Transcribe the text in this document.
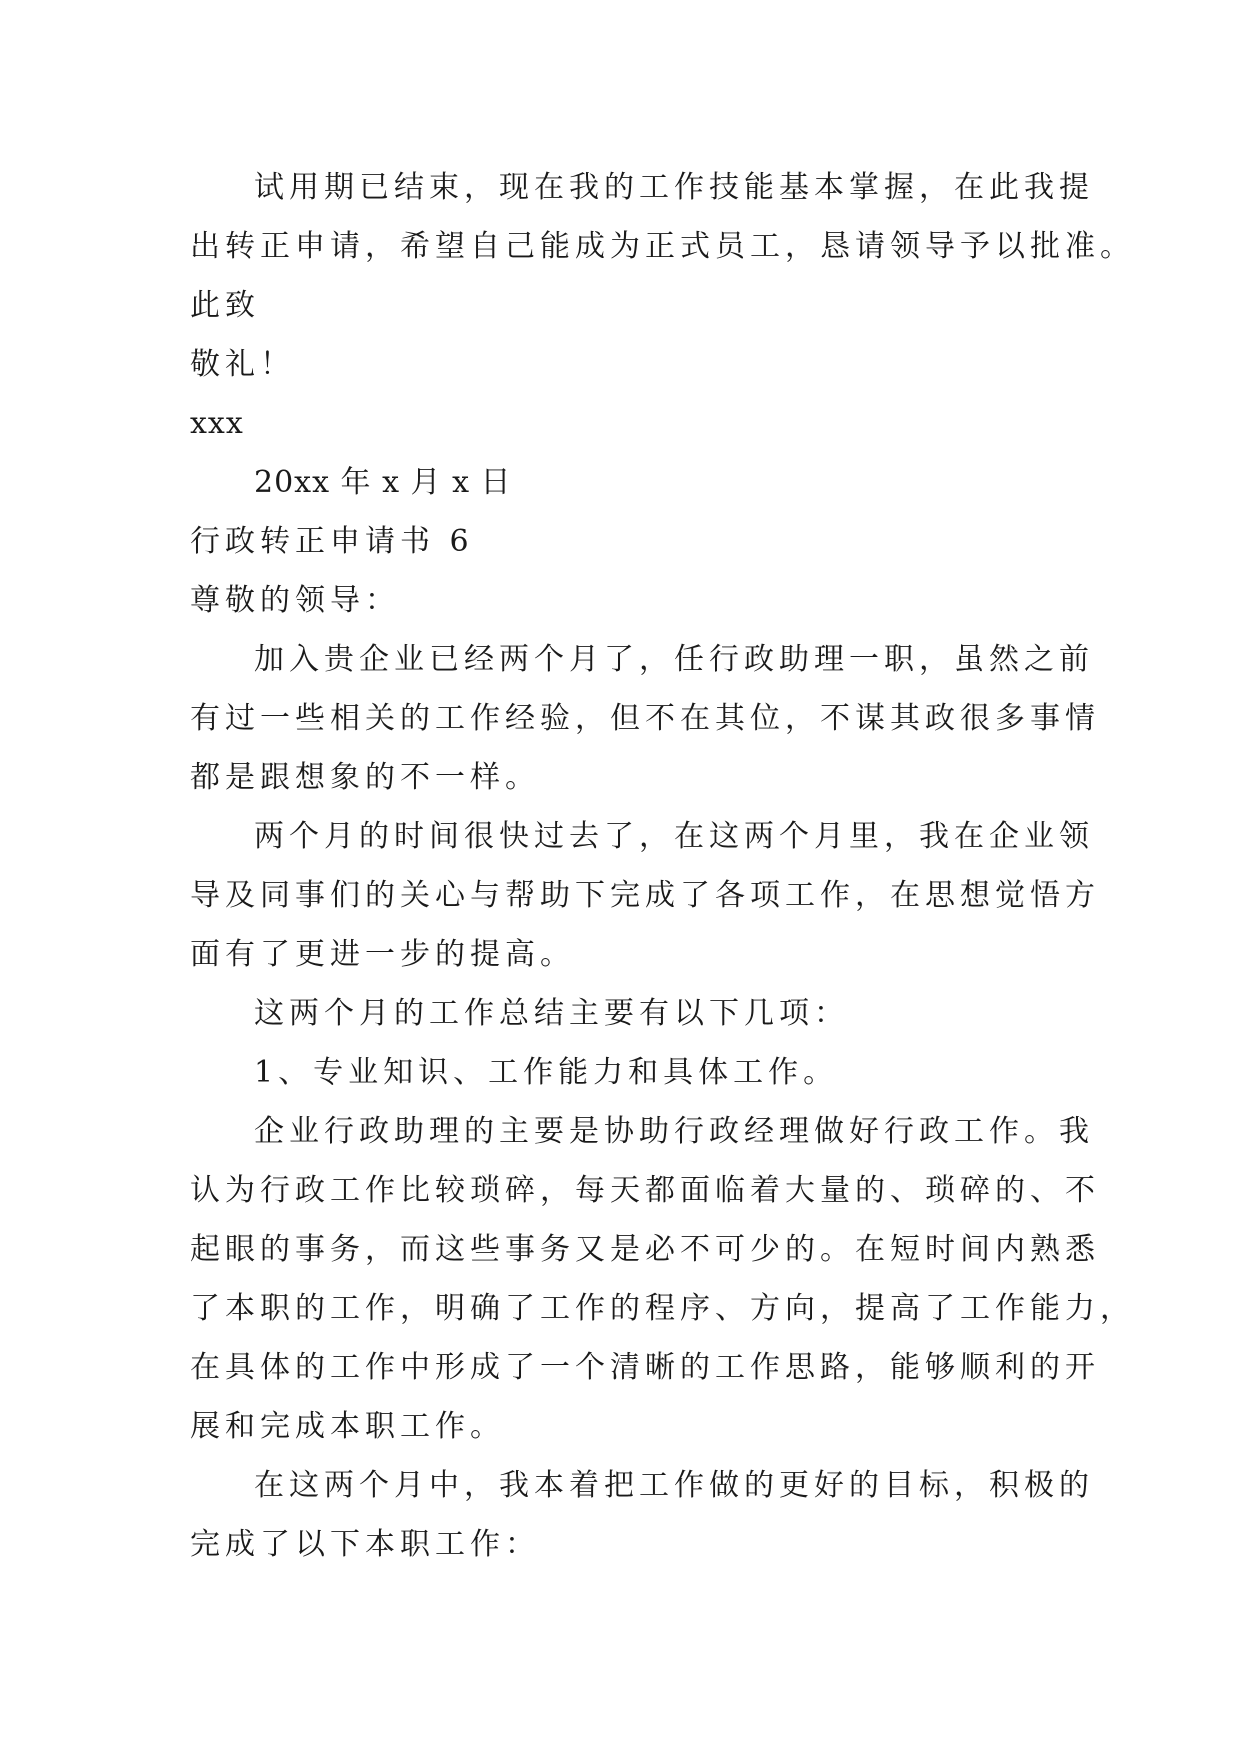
试用期已结束，现在我的工作技能基本掌握，在此我提
出转正申请，希望自己能成为正式员工，恳请领导予以批准。
此致
敬礼！
xxx
20xx 年 x 月 x 日
行政转正申请书 6
尊敬的领导：
加入贵企业已经两个月了，任行政助理一职，虽然之前
有过一些相关的工作经验，但不在其位，不谋其政很多事情
都是跟想象的不一样。
两个月的时间很快过去了，在这两个月里，我在企业领
导及同事们的关心与帮助下完成了各项工作，在思想觉悟方
面有了更进一步的提高。
这两个月的工作总结主要有以下几项：
1、专业知识、工作能力和具体工作。
企业行政助理的主要是协助行政经理做好行政工作。我
认为行政工作比较琐碎，每天都面临着大量的、琐碎的、不
起眼的事务，而这些事务又是必不可少的。在短时间内熟悉
了本职的工作，明确了工作的程序、方向，提高了工作能力，
在具体的工作中形成了一个清晰的工作思路，能够顺利的开
展和完成本职工作。
在这两个月中，我本着把工作做的更好的目标，积极的
完成了以下本职工作：
